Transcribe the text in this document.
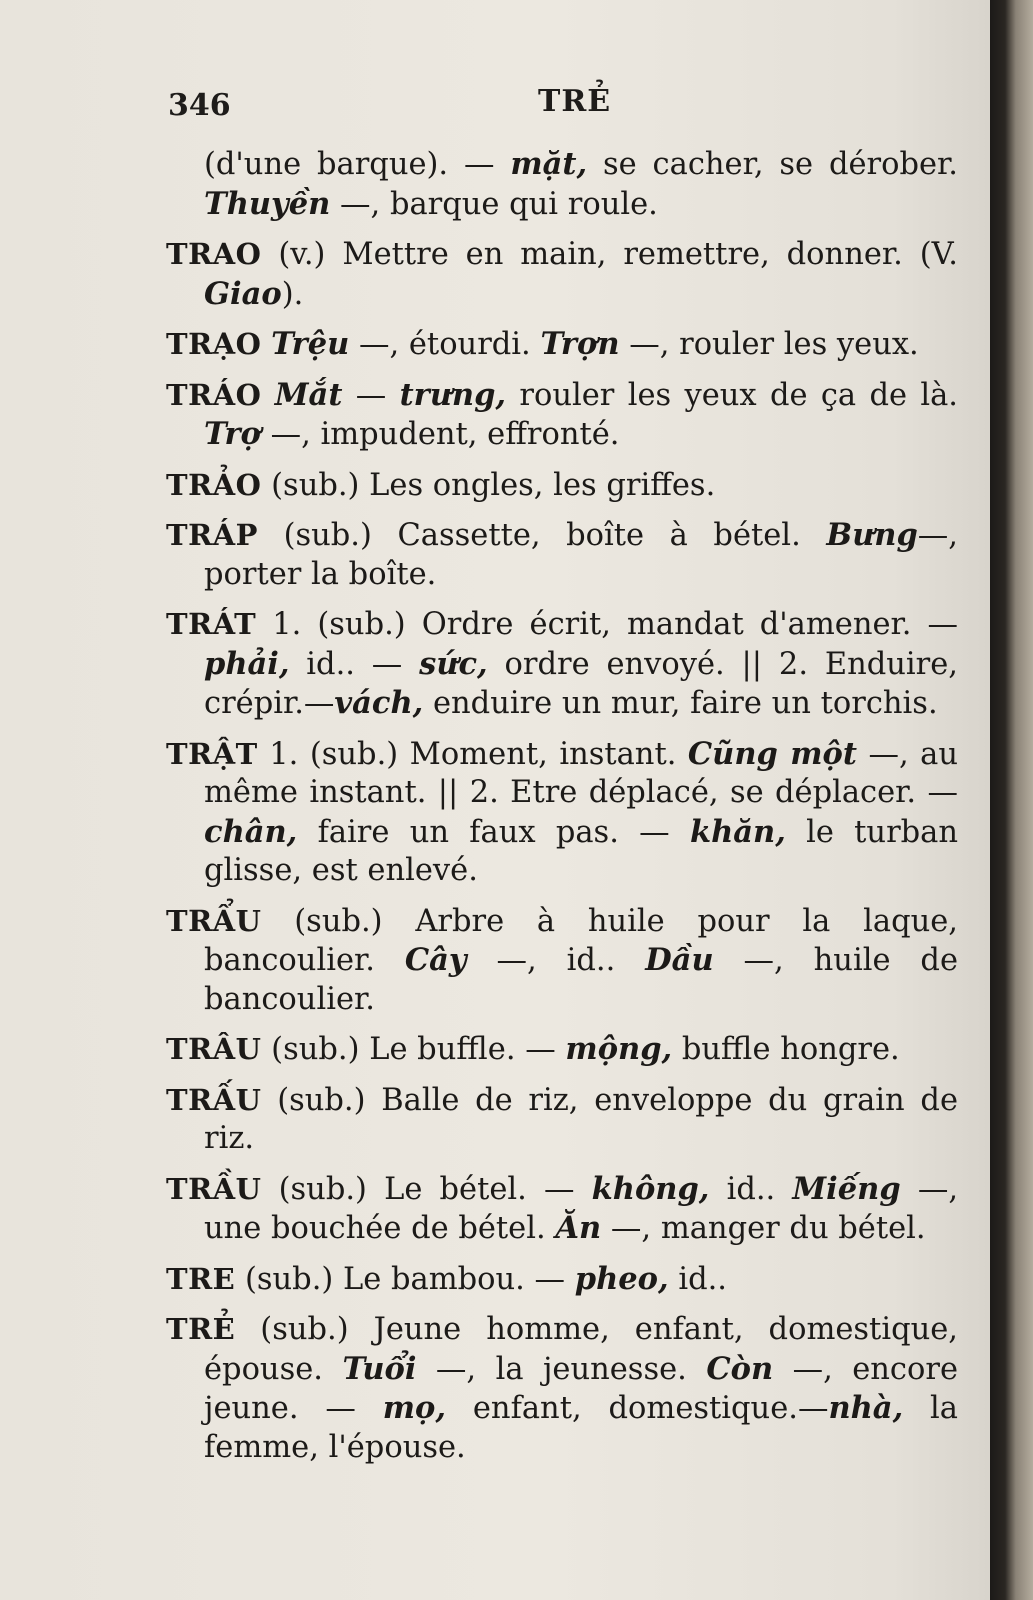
346	TRẺ

(d'une barque). — mặt, se cacher, se dérober. Thuyền —, barque qui roule.

TRAO (v.) Mettre en main, remettre, donner. (V. Giao).

TRẠO Trệu —, étourdi. Trợn —, rouler les yeux.

TRÁO Mắt — trưng, rouler les yeux de ça de là. Trợ —, impudent, effronté.

TRẢO (sub.) Les ongles, les griffes.

TRÁP (sub.) Cassette, boîte à bétel. Bưng—, porter la boîte.

TRÁT 1. (sub.) Ordre écrit, mandat d'amener. — phải, id.. — sức, ordre envoyé. || 2. Enduire, crépir.—vách, enduire un mur, faire un torchis.

TRẬT 1. (sub.) Moment, instant. Cũng một —, au même instant. || 2. Etre déplacé, se déplacer. — chân, faire un faux pas. — khăn, le turban glisse, est enlevé.

TRẨU (sub.) Arbre à huile pour la laque, bancoulier. Cây —, id.. Dầu —, huile de bancoulier.

TRÂU (sub.) Le buffle. — mộng, buffle hongre.

TRẤU (sub.) Balle de riz, enveloppe du grain de riz.

TRẦU (sub.) Le bétel. — không, id.. Miếng —, une bouchée de bétel. Ăn —, manger du bétel.

TRE (sub.) Le bambou. — pheo, id..

TRẺ (sub.) Jeune homme, enfant, domestique, épouse. Tuổi —, la jeunesse. Còn —, encore jeune. — mọ, enfant, domestique.—nhà, la femme, l'épouse.
